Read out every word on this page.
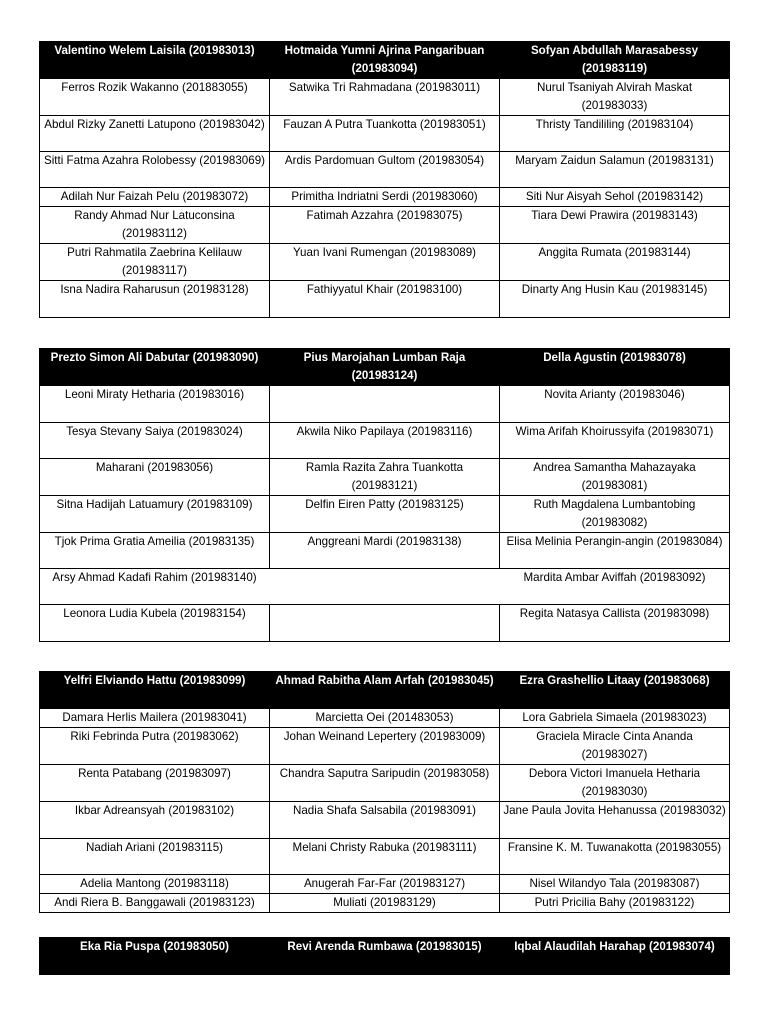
Valentino Welem Laisila (201983013)	Hotmaida Yumni Ajrina Pangaribuan (201983094)	Sofyan Abdullah Marasabessy (201983119)
Ferros Rozik Wakanno (201883055)	Satwika Tri Rahmadana (201983011)	Nurul Tsaniyah Alvirah Maskat (201983033)
Abdul Rizky Zanetti Latupono (201983042)	Fauzan A Putra Tuankotta (201983051)	Thristy Tandililing (201983104)
Sitti Fatma Azahra Rolobessy (201983069)	Ardis Pardomuan Gultom (201983054)	Maryam Zaidun Salamun (201983131)
Adilah Nur Faizah Pelu (201983072)	Primitha Indriatni Serdi (201983060)	Siti Nur Aisyah Sehol (201983142)
Randy Ahmad Nur Latuconsina (201983112)	Fatimah Azzahra (201983075)	Tiara Dewi Prawira (201983143)
Putri Rahmatila Zaebrina Kelilauw (201983117)	Yuan Ivani Rumengan (201983089)	Anggita Rumata (201983144)
Isna Nadira Raharusun (201983128)	Fathiyyatul Khair (201983100)	Dinarty Ang Husin Kau (201983145)
Prezto Simon Ali Dabutar (201983090)	Pius Marojahan Lumban Raja (201983124)	Della Agustin (201983078)
Leoni Miraty Hetharia (201983016)		Novita Arianty (201983046)
Tesya Stevany Saiya (201983024)	Akwila Niko Papilaya (201983116)	Wima Arifah Khoirussyifa (201983071)
Maharani (201983056)	Ramla Razita Zahra Tuankotta (201983121)	Andrea Samantha Mahazayaka (201983081)
Sitna Hadijah Latuamury (201983109)	Delfin Eiren Patty (201983125)	Ruth Magdalena Lumbantobing (201983082)
Tjok Prima Gratia Ameilia (201983135)	Anggreani Mardi (201983138)	Elisa Melinia Perangin-angin (201983084)
Arsy Ahmad Kadafi Rahim (201983140)		Mardita Ambar Aviffah (201983092)
Leonora Ludia Kubela (201983154)		Regita Natasya Callista (201983098)
Yelfri Elviando Hattu (201983099)	Ahmad Rabitha Alam Arfah (201983045)	Ezra Grashellio Litaay (201983068)
Damara Herlis Mailera (201983041)	Marcietta Oei (201483053)	Lora Gabriela Simaela (201983023)
Riki Febrinda Putra (201983062)	Johan Weinand Lepertery (201983009)	Graciela Miracle Cinta Ananda (201983027)
Renta Patabang (201983097)	Chandra Saputra Saripudin (201983058)	Debora Victori Imanuela Hetharia (201983030)
Ikbar Adreansyah (201983102)	Nadia Shafa Salsabila (201983091)	Jane Paula Jovita Hehanussa (201983032)
Nadiah Ariani (201983115)	Melani Christy Rabuka (201983111)	Fransine K. M. Tuwanakotta (201983055)
Adelia Mantong (201983118)	Anugerah Far-Far (201983127)	Nisel Wilandyo Tala (201983087)
Andi Riera B. Banggawali (201983123)	Muliati (201983129)	Putri Pricilia Bahy (201983122)
Eka Ria Puspa (201983050)	Revi Arenda Rumbawa (201983015)	Iqbal Alaudilah Harahap (201983074)
